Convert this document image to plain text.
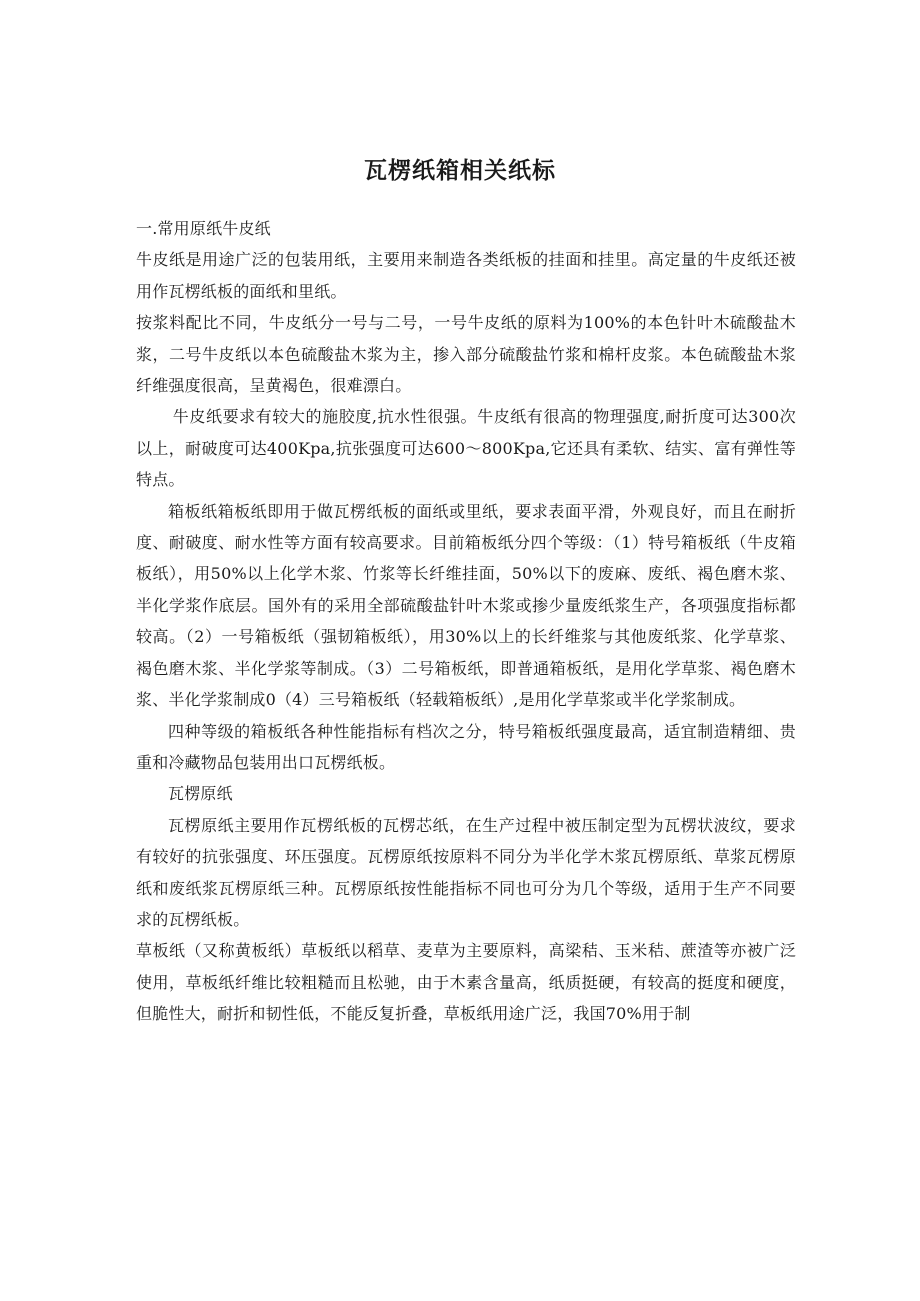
瓦楞纸箱相关纸标

一.常用原纸牛皮纸

牛皮纸是用途广泛的包装用纸，主要用来制造各类纸板的挂面和挂里。高定量的牛皮纸还被用作瓦楞纸板的面纸和里纸。

按浆料配比不同，牛皮纸分一号与二号，一号牛皮纸的原料为100%的本色针叶木硫酸盐木浆，二号牛皮纸以本色硫酸盐木浆为主，掺入部分硫酸盐竹浆和棉杆皮浆。本色硫酸盐木浆纤维强度很高，呈黄褐色，很难漂白。

牛皮纸要求有较大的施胶度,抗水性很强。牛皮纸有很高的物理强度,耐折度可达300次以上，耐破度可达400Kpa,抗张强度可达600～800Kpa,它还具有柔软、结实、富有弹性等特点。

箱板纸箱板纸即用于做瓦楞纸板的面纸或里纸，要求表面平滑，外观良好，而且在耐折度、耐破度、耐水性等方面有较高要求。目前箱板纸分四个等级：（1）特号箱板纸（牛皮箱板纸），用50%以上化学木浆、竹浆等长纤维挂面，50%以下的废麻、废纸、褐色磨木浆、半化学浆作底层。国外有的采用全部硫酸盐针叶木浆或掺少量废纸浆生产，各项强度指标都较高。（2）一号箱板纸（强韧箱板纸），用30%以上的长纤维浆与其他废纸浆、化学草浆、褐色磨木浆、半化学浆等制成。（3）二号箱板纸，即普通箱板纸，是用化学草浆、褐色磨木浆、半化学浆制成0（4）三号箱板纸（轻载箱板纸）,是用化学草浆或半化学浆制成。

四种等级的箱板纸各种性能指标有档次之分，特号箱板纸强度最高，适宜制造精细、贵重和冷藏物品包装用出口瓦楞纸板。

瓦楞原纸

瓦楞原纸主要用作瓦楞纸板的瓦楞芯纸，在生产过程中被压制定型为瓦楞状波纹，要求有较好的抗张强度、环压强度。瓦楞原纸按原料不同分为半化学木浆瓦楞原纸、草浆瓦楞原纸和废纸浆瓦楞原纸三种。瓦楞原纸按性能指标不同也可分为几个等级，适用于生产不同要求的瓦楞纸板。

草板纸（又称黄板纸）草板纸以稻草、麦草为主要原料，高梁秸、玉米秸、蔗渣等亦被广泛使用，草板纸纤维比较粗糙而且松驰，由于木素含量高，纸质挺硬，有较高的挺度和硬度，但脆性大，耐折和韧性低，不能反复折叠，草板纸用途广泛，我国70%用于制
